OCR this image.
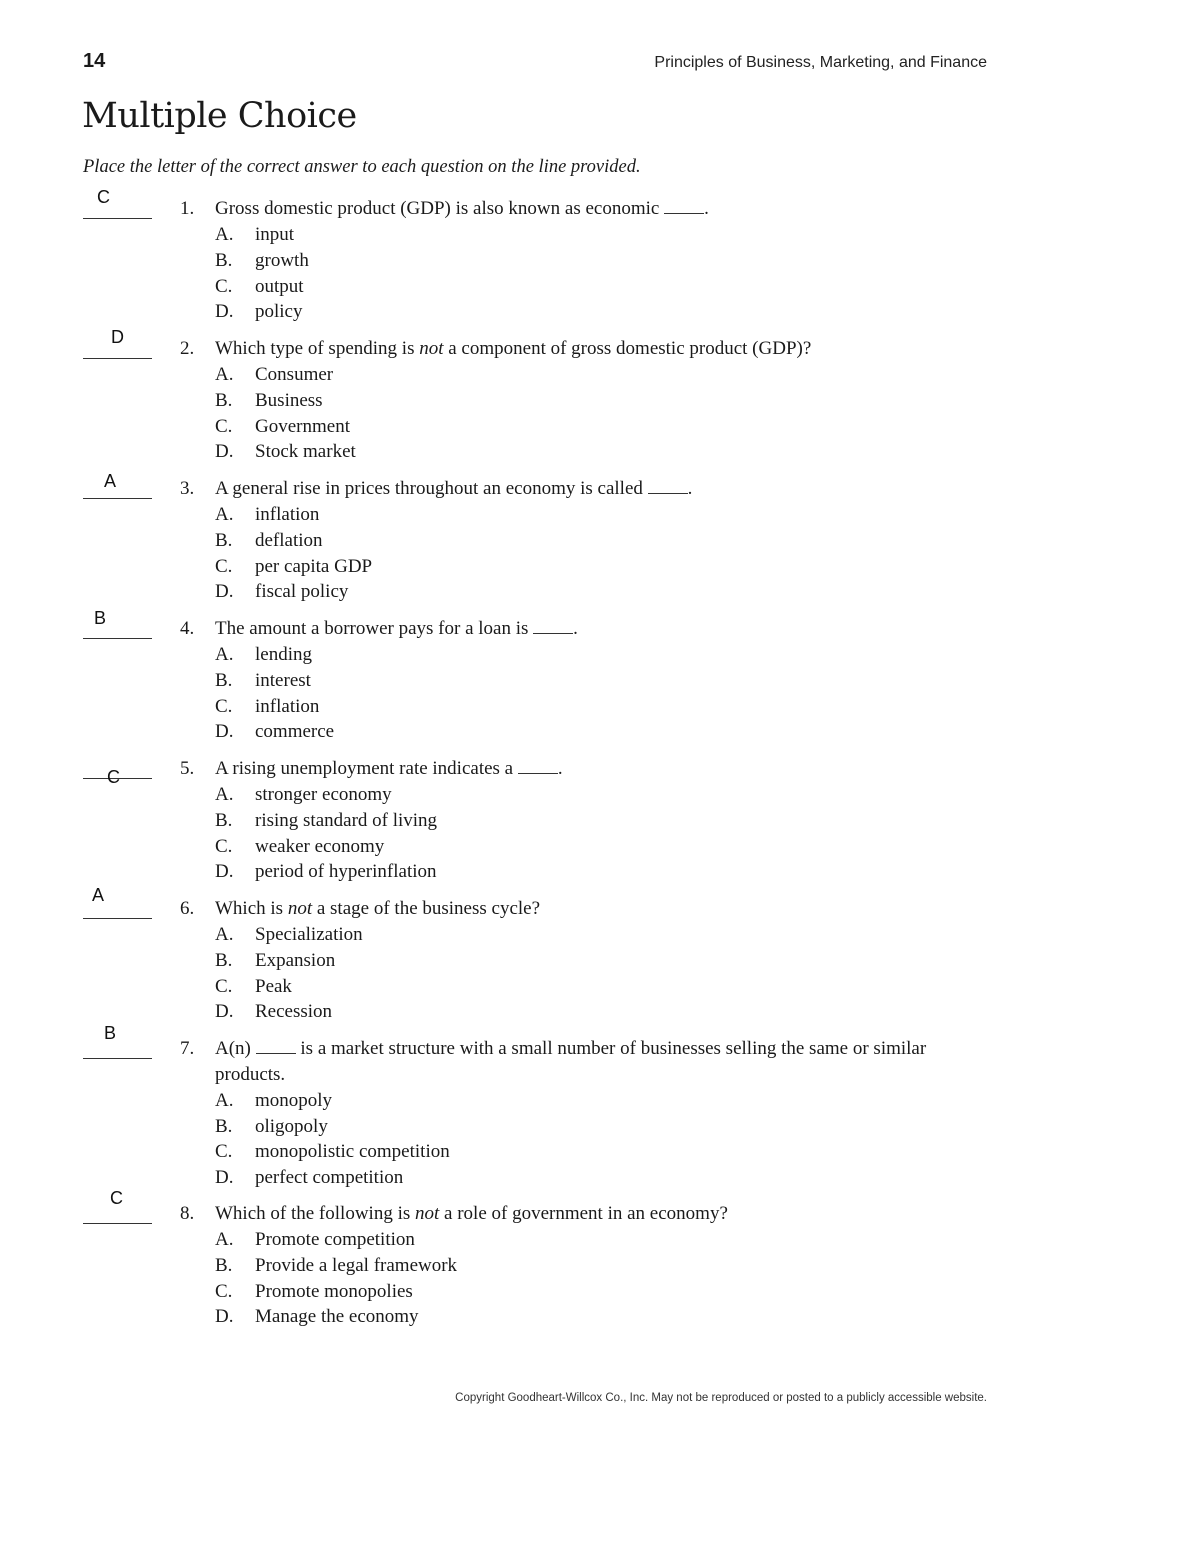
14	Principles of Business, Marketing, and Finance
Multiple Choice
Place the letter of the correct answer to each question on the line provided.
C
1. Gross domestic product (GDP) is also known as economic .
A. input
B. growth
C. output
D. policy
D
2. Which type of spending is not a component of gross domestic product (GDP)?
A. Consumer
B. Business
C. Government
D. Stock market
A	3. A general rise in prices throughout an economy is called .
A. inflation
B. deflation
C. per capita GDP
D. fiscal policy
B	4. The amount a borrower pays for a loan is .
A. lending
B. interest
C. inflation
D. commerce
C	5. A rising unemployment rate indicates a .
A. stronger economy
B. rising standard of living
C. weaker economy
D. period of hyperinflation
A
6. Which is not a stage of the business cycle?
A. Specialization
B. Expansion
C. Peak
D. Recession
B
7. A(n)  is a market structure with a small number of businesses selling the same or similar products.
A. monopoly
B. oligopoly
C. monopolistic competition
D. perfect competition
C
8. Which of the following is not a role of government in an economy?
A. Promote competition
B. Provide a legal framework
C. Promote monopolies
D. Manage the economy
Copyright Goodheart-Willcox Co., Inc. May not be reproduced or posted to a publicly accessible website.
